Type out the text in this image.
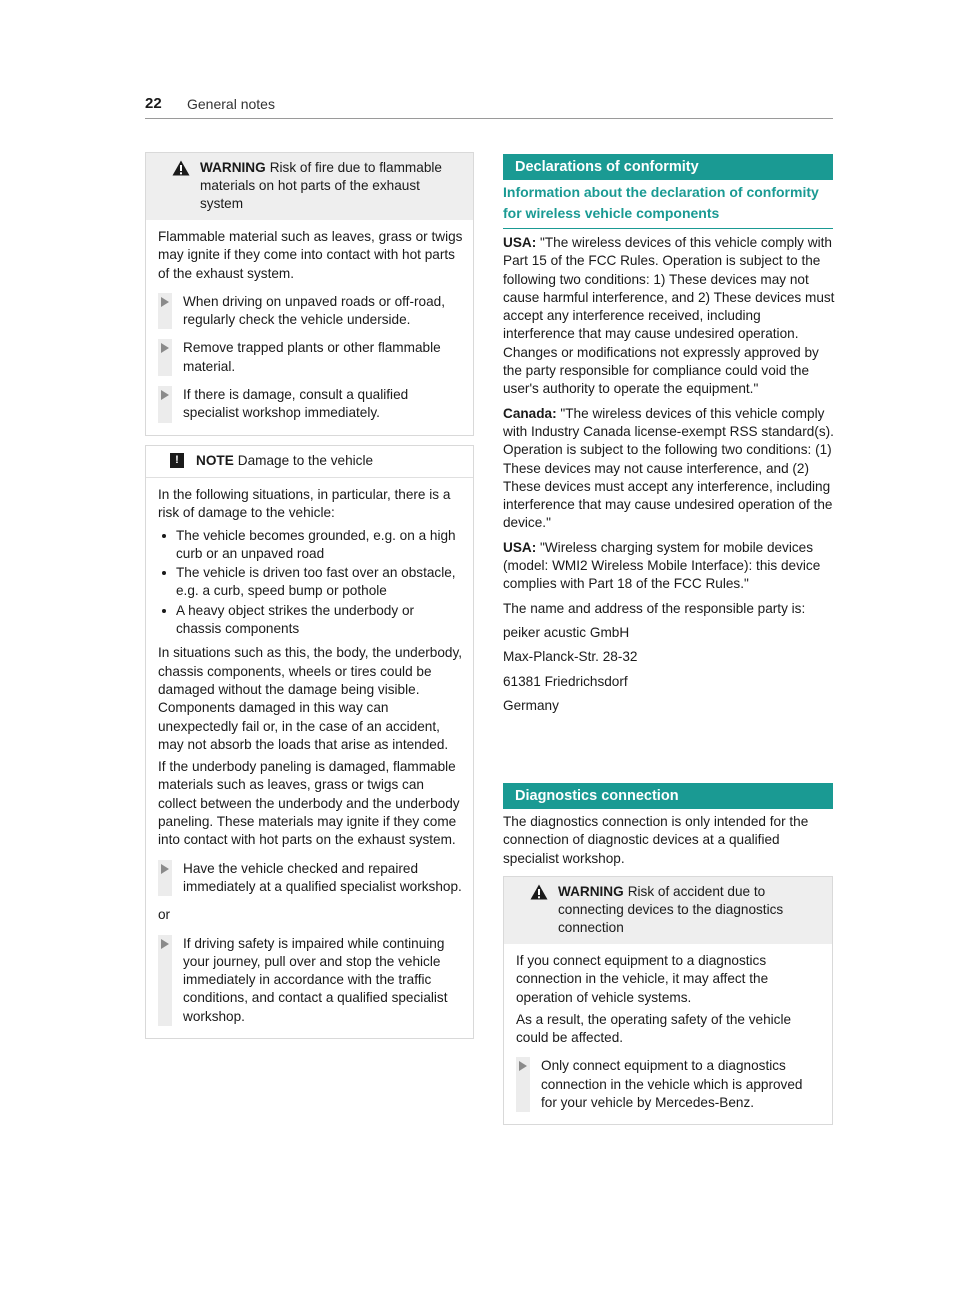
22 General notes
WARNING Risk of fire due to flammable materials on hot parts of the exhaust system

Flammable material such as leaves, grass or twigs may ignite if they come into contact with hot parts of the exhaust system.

When driving on unpaved roads or off-road, regularly check the vehicle underside.
Remove trapped plants or other flammable material.
If there is damage, consult a qualified specialist workshop immediately.
!	NOTE Damage to the vehicle

In the following situations, in particular, there is a risk of damage to the vehicle:

The vehicle becomes grounded, e.g. on a high curb or an unpaved road
The vehicle is driven too fast over an obstacle, e.g. a curb, speed bump or pothole
A heavy object strikes the underbody or chassis components

In situations such as this, the body, the underbody, chassis components, wheels or tires could be damaged without the damage being visible. Components damaged in this way can unexpectedly fail or, in the case of an accident, may not absorb the loads that arise as intended.

If the underbody paneling is damaged, flammable materials such as leaves, grass or twigs can collect between the underbody and the underbody paneling. These materials may ignite if they come into contact with hot parts on the exhaust system.

Have the vehicle checked and repaired immediately at a qualified specialist workshop.
or
If driving safety is impaired while continuing your journey, pull over and stop the vehicle immediately in accordance with the traffic conditions, and contact a qualified specialist workshop.
Declarations of conformity
Information about the declaration of conformity for wireless vehicle components

USA: "The wireless devices of this vehicle comply with Part 15 of the FCC Rules. Operation is subject to the following two conditions: 1) These devices may not cause harmful interference, and 2) These devices must accept any interference received, including interference that may cause undesired operation. Changes or modifications not expressly approved by the party responsible for compliance could void the user's authority to operate the equipment."

Canada: "The wireless devices of this vehicle comply with Industry Canada license-exempt RSS standard(s). Operation is subject to the following two conditions: (1) These devices may not cause interference, and (2) These devices must accept any interference, including interference that may cause undesired operation of the device."

USA: "Wireless charging system for mobile devices (model: WMI2 Wireless Mobile Interface): this device complies with Part 18 of the FCC Rules."

The name and address of the responsible party is:

peiker acustic GmbH

Max-Planck-Str. 28-32

61381 Friedrichsdorf

Germany

Diagnostics connection
The diagnostics connection is only intended for the connection of diagnostic devices at a qualified specialist workshop.
WARNING Risk of accident due to connecting devices to the diagnostics connection

If you connect equipment to a diagnostics connection in the vehicle, it may affect the operation of vehicle systems.

As a result, the operating safety of the vehicle could be affected.

Only connect equipment to a diagnostics connection in the vehicle which is approved for your vehicle by Mercedes-Benz.
